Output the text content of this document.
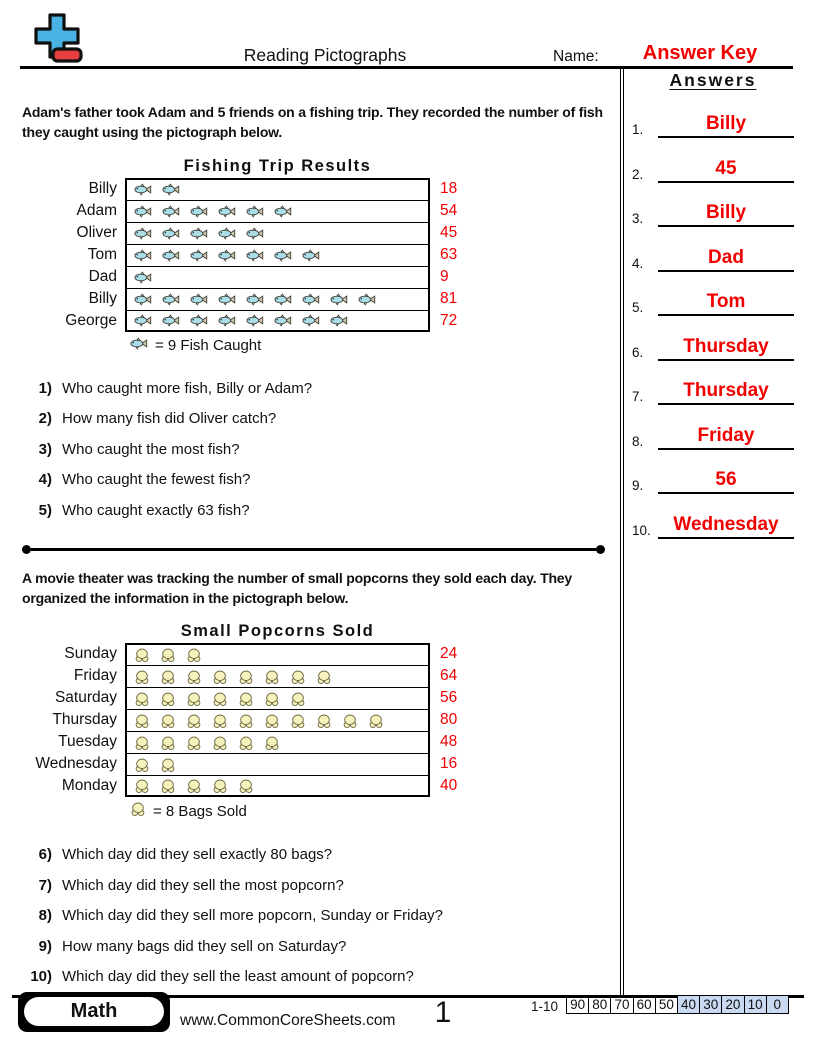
Reading Pictographs	Name:	Answer Key
Answers
1.	Billy
2.	45
3.	Billy
4.	Dad
5.	Tom
6.	Thursday
7.	Thursday
8.	Friday
9.	56
10.	Wednesday

Adam's father took Adam and 5 friends on a fishing trip. They recorded the number of fish they caught using the pictograph below.

Fishing Trip Results
Billy	18
Adam	54
Oliver	45
Tom	63
Dad	9
Billy	81
George	72
= 9 Fish Caught
1) Who caught more fish, Billy or Adam?
2) How many fish did Oliver catch?
3) Who caught the most fish?
4) Who caught the fewest fish?
5) Who caught exactly 63 fish?

A movie theater was tracking the number of small popcorns they sold each day. They organized the information in the pictograph below.

Small Popcorns Sold
Sunday	24
Friday	64
Saturday	56
Thursday	80
Tuesday	48
Wednesday	16
Monday	40
= 8 Bags Sold
6) Which day did they sell exactly 80 bags?
7) Which day did they sell the most popcorn?
8) Which day did they sell more popcorn, Sunday or Friday?
9) How many bags did they sell on Saturday?
10) Which day did they sell the least amount of popcorn?
Math	www.CommonCoreSheets.com	1	1-10 90 80 70 60 50 40 30 20 10 0
